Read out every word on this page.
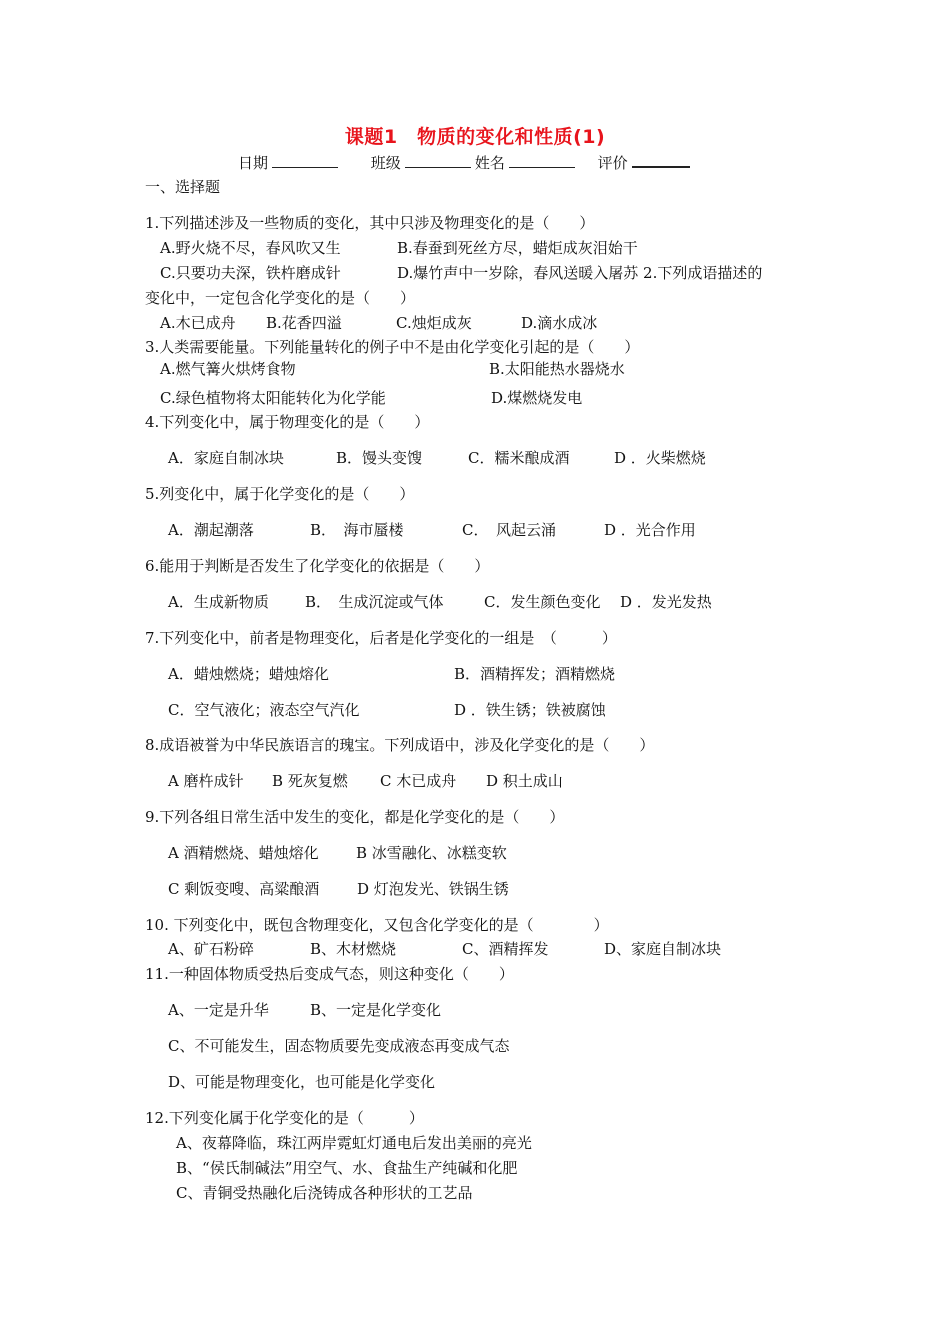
课题1　物质的变化和性质(1)
日期	班级	姓名	评价
一、选择题
1.下列描述涉及一些物质的变化，其中只涉及物理变化的是（　　）
A.野火烧不尽，春风吹又生	B.春蚕到死丝方尽，蜡炬成灰泪始干
C.只要功夫深，铁杵磨成针	D.爆竹声中一岁除，春风送暖入屠苏 2.下列成语描述的
变化中，一定包含化学变化的是（　　）
A.木已成舟 B.花香四溢	C.烛炬成灰	D.滴水成冰
3.人类需要能量。下列能量转化的例子中不是由化学变化引起的是（　　）
A.燃气篝火烘烤食物	B.太阳能热水器烧水
C.绿色植物将太阳能转化为化学能	D.煤燃烧发电
4.下列变化中，属于物理变化的是（　　）
A．家庭自制冰块	B．馒头变馊	C．糯米酿成酒	D ．火柴燃烧
5.列变化中，属于化学变化的是（　　）
A．潮起潮落	B．　海市蜃楼	C．　风起云涌	D ．光合作用
6.能用于判断是否发生了化学变化的依据是（　　）
A．生成新物质 B．　生成沉淀或气体	C．发生颜色变化 D ．发光发热
7.下列变化中，前者是物理变化，后者是化学变化的一组是　（　　　）
A．蜡烛燃烧；蜡烛熔化	B．酒精挥发；酒精燃烧
C．空气液化；液态空气汽化	D ．铁生锈；铁被腐蚀
8.成语被誉为中华民族语言的瑰宝。下列成语中，涉及化学变化的是（　　）
A 磨杵成针 B 死灰复燃 C 木已成舟 D 积土成山
9.下列各组日常生活中发生的变化，都是化学变化的是（　　）
A 酒精燃烧、蜡烛熔化 B 冰雪融化、冰糕变软
C 剩饭变嗖、高粱酿酒	D 灯泡发光、铁锅生锈
10. 下列变化中，既包含物理变化，又包含化学变化的是（　　　　）
A、矿石粉碎	B、木材燃烧	C、酒精挥发	D、家庭自制冰块
11.一种固体物质受热后变成气态，则这种变化（　　）
A、一定是升华	B、一定是化学变化
C、不可能发生，固态物质要先变成液态再变成气态
D、可能是物理变化，也可能是化学变化
12.下列变化属于化学变化的是（　　　）
A、夜幕降临，珠江两岸霓虹灯通电后发出美丽的亮光
B、“侯氏制碱法”用空气、水、食盐生产纯碱和化肥
C、青铜受热融化后浇铸成各种形状的工艺品
